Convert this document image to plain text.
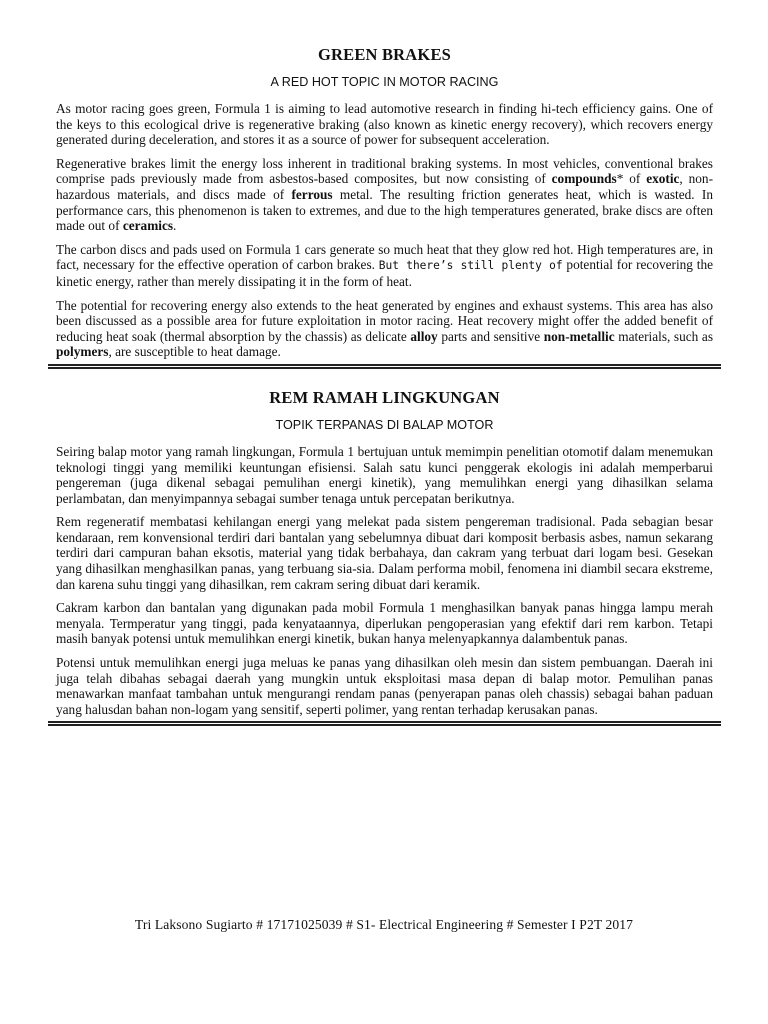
GREEN BRAKES
A RED HOT TOPIC IN MOTOR RACING

As motor racing goes green, Formula 1 is aiming to lead automotive research in finding hi-tech efficiency gains. One of the keys to this ecological drive is regenerative braking (also known as kinetic energy recovery), which recovers energy generated during deceleration, and stores it as a source of power for subsequent acceleration.

Regenerative brakes limit the energy loss inherent in traditional braking systems. In most vehicles, conventional brakes comprise pads previously made from asbestos-based composites, but now consisting of compounds* of exotic, non-hazardous materials, and discs made of ferrous metal. The resulting friction generates heat, which is wasted. In performance cars, this phenomenon is taken to extremes, and due to the high temperatures generated, brake discs are often made out of ceramics.

The carbon discs and pads used on Formula 1 cars generate so much heat that they glow red hot. High temperatures are, in fact, necessary for the effective operation of carbon brakes. But there’s still plenty of potential for recovering the kinetic energy, rather than merely dissipating it in the form of heat.

The potential for recovering energy also extends to the heat generated by engines and exhaust systems. This area has also been discussed as a possible area for future exploitation in motor racing. Heat recovery might offer the added benefit of reducing heat soak (thermal absorption by the chassis) as delicate alloy parts and sensitive non-metallic materials, such as polymers, are susceptible to heat damage.

REM RAMAH LINGKUNGAN
TOPIK TERPANAS DI BALAP MOTOR

Seiring balap motor yang ramah lingkungan, Formula 1 bertujuan untuk memimpin penelitian otomotif dalam menemukan teknologi tinggi yang memiliki keuntungan efisiensi. Salah satu kunci penggerak ekologis ini adalah memperbarui pengereman (juga dikenal sebagai pemulihan energi kinetik), yang memulihkan energi yang dihasilkan selama perlambatan, dan menyimpannya sebagai sumber tenaga untuk percepatan berikutnya.

Rem regeneratif membatasi kehilangan energi yang melekat pada sistem pengereman tradisional. Pada sebagian besar kendaraan, rem konvensional terdiri dari bantalan yang sebelumnya dibuat dari komposit berbasis asbes, namun sekarang terdiri dari campuran bahan eksotis, material yang tidak berbahaya, dan cakram yang terbuat dari logam besi. Gesekan yang dihasilkan menghasilkan panas, yang terbuang sia-sia. Dalam performa mobil, fenomena ini diambil secara ekstreme, dan karena suhu tinggi yang dihasilkan, rem cakram sering dibuat dari keramik.

Cakram karbon dan bantalan yang digunakan pada mobil Formula 1 menghasilkan banyak panas hingga lampu merah menyala. Termperatur yang tinggi, pada kenyataannya, diperlukan pengoperasian yang efektif dari rem karbon. Tetapi masih banyak potensi untuk memulihkan energi kinetik, bukan hanya melenyapkannya dalambentuk panas.

Potensi untuk memulihkan energi juga meluas ke panas yang dihasilkan oleh mesin dan sistem pembuangan. Daerah ini juga telah dibahas sebagai daerah yang mungkin untuk eksploitasi masa depan di balap motor. Pemulihan panas menawarkan manfaat tambahan untuk mengurangi rendam panas (penyerapan panas oleh chassis) sebagai bahan paduan yang halusdan bahan non-logam yang sensitif, seperti polimer, yang rentan terhadap kerusakan panas.

Tri Laksono Sugiarto # 17171025039 # S1- Electrical Engineering # Semester I P2T 2017
